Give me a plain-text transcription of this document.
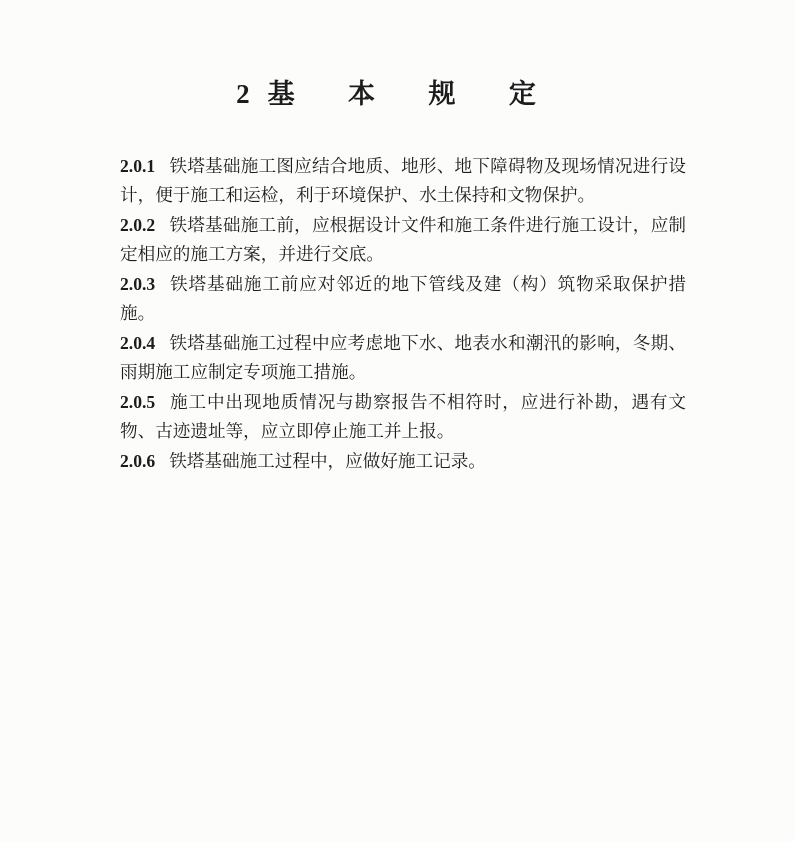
2 基 本 规 定

2.0.1 铁塔基础施工图应结合地质、地形、地下障碍物及现场情况进行设计，便于施工和运检，利于环境保护、水土保持和文物保护。

2.0.2 铁塔基础施工前，应根据设计文件和施工条件进行施工设计，应制定相应的施工方案，并进行交底。

2.0.3 铁塔基础施工前应对邻近的地下管线及建（构）筑物采取保护措施。

2.0.4 铁塔基础施工过程中应考虑地下水、地表水和潮汛的影响，冬期、雨期施工应制定专项施工措施。

2.0.5 施工中出现地质情况与勘察报告不相符时，应进行补勘，遇有文物、古迹遗址等，应立即停止施工并上报。

2.0.6 铁塔基础施工过程中，应做好施工记录。
